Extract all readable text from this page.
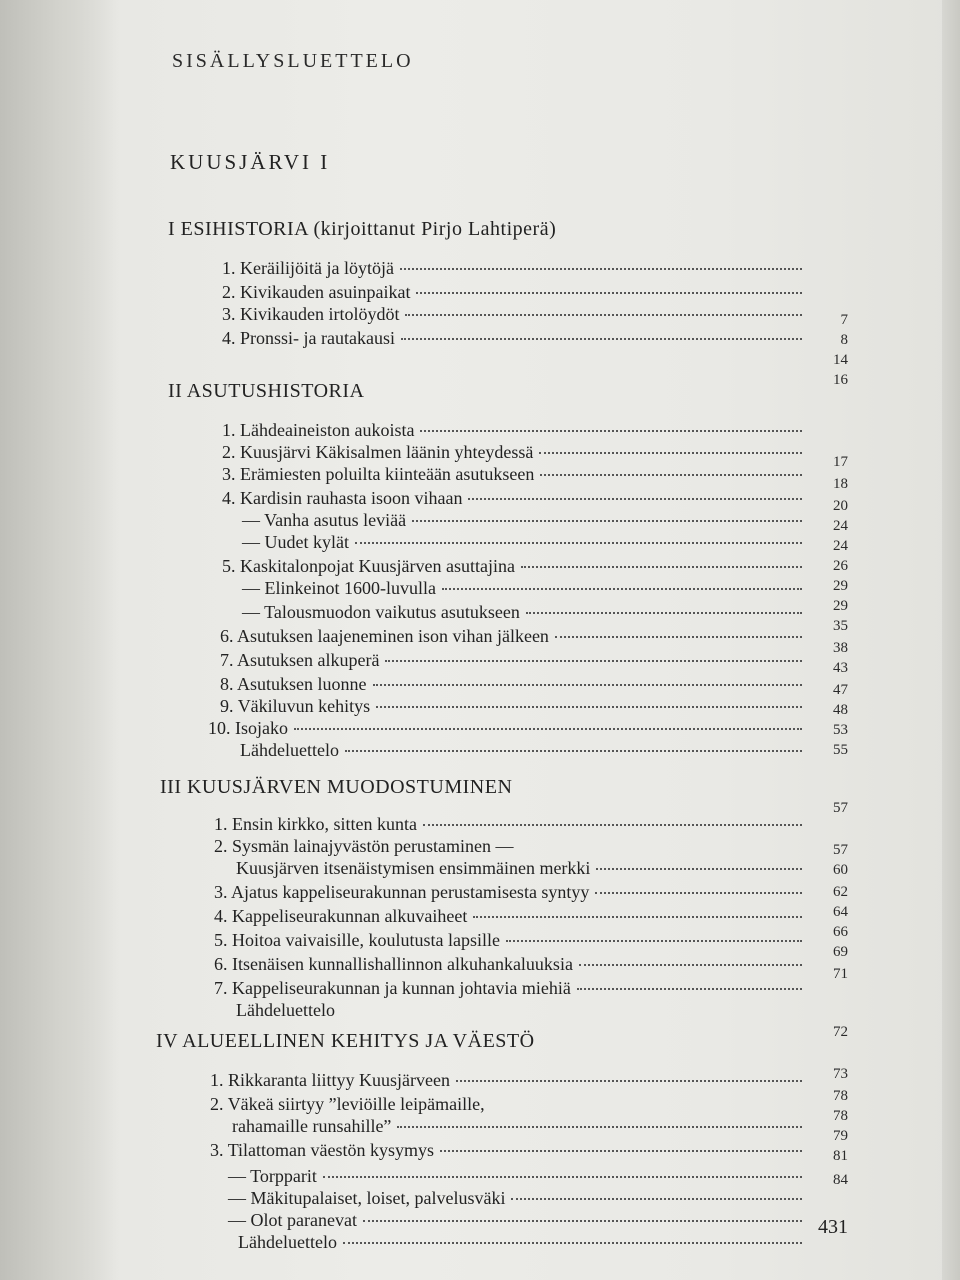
SISÄLLYSLUETTELO
KUUSJÄRVI I
I ESIHISTORIA (kirjoittanut Pirjo Lahtiperä)
1. Keräilijöitä ja löytöjä
2. Kivikauden asuinpaikat
3. Kivikauden irtolöydöt
4. Pronssi- ja rautakausi
7
8
14
16
II ASUTUSHISTORIA
1. Lähdeaineiston aukoista
2. Kuusjärvi Käkisalmen läänin yhteydessä
3. Erämiesten poluilta kiinteään asutukseen
4. Kardisin rauhasta isoon vihaan
— Vanha asutus leviää
— Uudet kylät
5. Kaskitalonpojat Kuusjärven asuttajina
— Elinkeinot 1600-luvulla
— Talousmuodon vaikutus asutukseen
6. Asutuksen laajeneminen ison vihan jälkeen
7. Asutuksen alkuperä
8. Asutuksen luonne
9. Väkiluvun kehitys
10. Isojako
Lähdeluettelo
17
18
20
24
24
26
29
29
35
38
43
47
48
53
55
III KUUSJÄRVEN MUODOSTUMINEN
1. Ensin kirkko, sitten kunta
2. Sysmän lainajyvästön perustaminen —
Kuusjärven itsenäistymisen ensimmäinen merkki
3. Ajatus kappeliseurakunnan perustamisesta syntyy
4. Kappeliseurakunnan alkuvaiheet
5. Hoitoa vaivaisille, koulutusta lapsille
6. Itsenäisen kunnallishallinnon alkuhankaluuksia
7. Kappeliseurakunnan ja kunnan johtavia miehiä
Lähdeluettelo
57
57
60
62
64
66
69
71
IV ALUEELLINEN KEHITYS JA VÄESTÖ
1. Rikkaranta liittyy Kuusjärveen
2. Väkeä siirtyy ”leviöille leipämaille,
rahamaille runsahille”
3. Tilattoman väestön kysymys
— Torpparit
— Mäkitupalaiset, loiset, palvelusväki
— Olot paranevat
Lähdeluettelo
72
73
78
78
79
81
84
431
